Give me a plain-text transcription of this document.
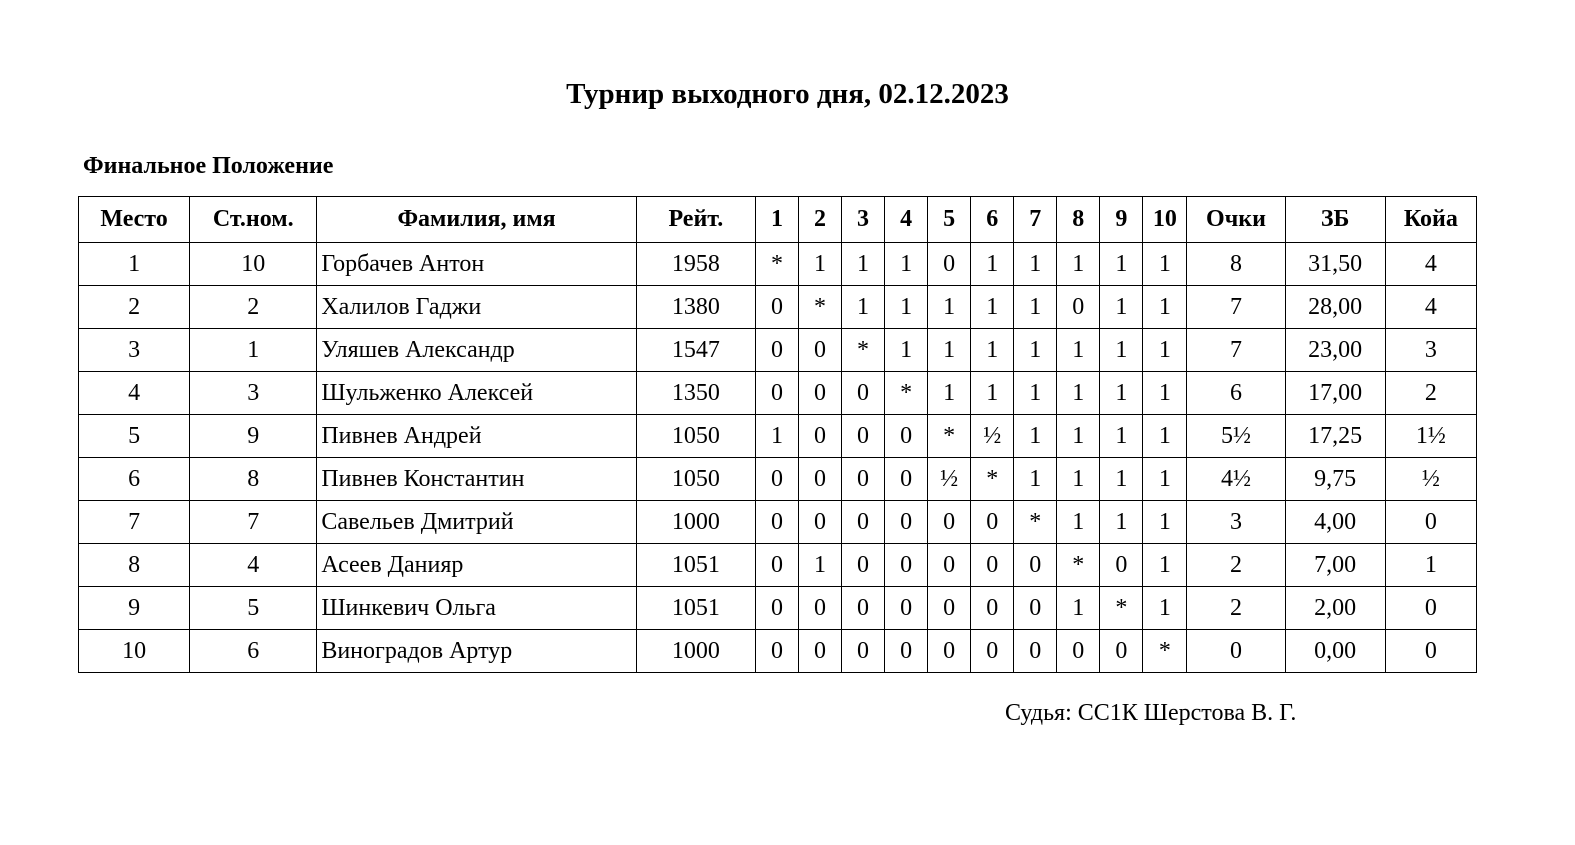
Турнир выходного дня, 02.12.2023
Финальное Положение
Место	Ст.ном.	Фамилия, имя	Рейт.	1	2	3	4	5	6	7	8	9	10	Очки	ЗБ	Койа
1	10	Горбачев Антон	1958	*	1	1	1	0	1	1	1	1	1	8	31,50	4
2	2	Халилов Гаджи	1380	0	*	1	1	1	1	1	0	1	1	7	28,00	4
3	1	Уляшев Александр	1547	0	0	*	1	1	1	1	1	1	1	7	23,00	3
4	3	Шульженко Алексей	1350	0	0	0	*	1	1	1	1	1	1	6	17,00	2
5	9	Пивнев Андрей	1050	1	0	0	0	*	½	1	1	1	1	5½	17,25	1½
6	8	Пивнев Константин	1050	0	0	0	0	½	*	1	1	1	1	4½	9,75	½
7	7	Савельев Дмитрий	1000	0	0	0	0	0	0	*	1	1	1	3	4,00	0
8	4	Асеев Данияр	1051	0	1	0	0	0	0	0	*	0	1	2	7,00	1
9	5	Шинкевич Ольга	1051	0	0	0	0	0	0	0	1	*	1	2	2,00	0
10	6	Виноградов Артур	1000	0	0	0	0	0	0	0	0	0	*	0	0,00	0
Судья: СС1К Шерстова В. Г.
